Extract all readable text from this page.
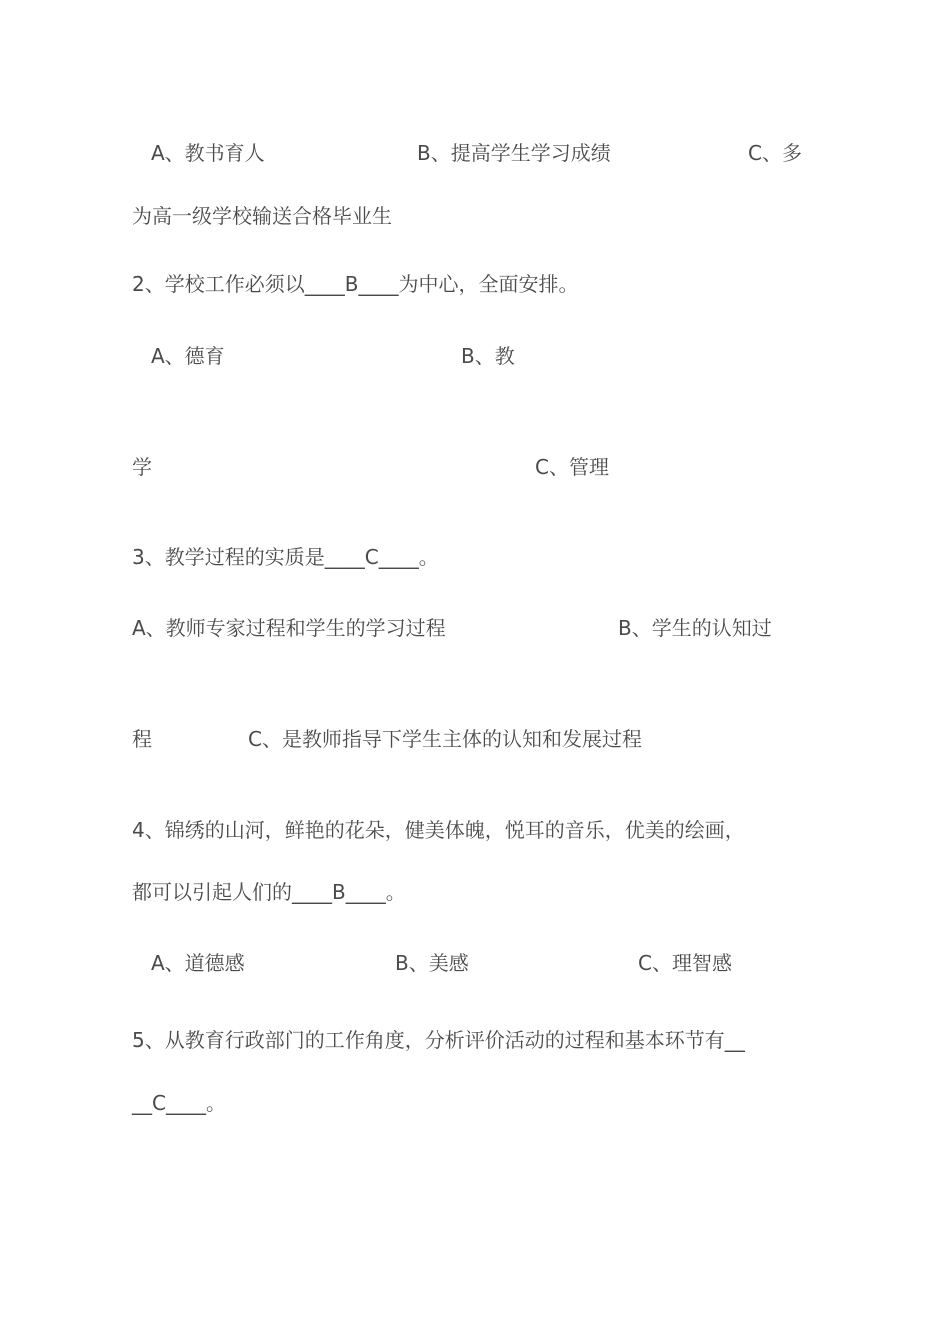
A、教书育人	B、提高学生学习成绩	C、多
为高一级学校输送合格毕业生

2、学校工作必须以____B____为中心，全面安排。

A、德育	B、教
学	C、管理

3、教学过程的实质是____C____。

A、教师专家过程和学生的学习过程	B、学生的认知过
程	C、是教师指导下学生主体的认知和发展过程

4、锦绣的山河，鲜艳的花朵，健美体魄，悦耳的音乐，优美的绘画，

都可以引起人们的____B____。

A、道德感	B、美感	C、理智感

5、从教育行政部门的工作角度，分析评价活动的过程和基本环节有__

__C____。
